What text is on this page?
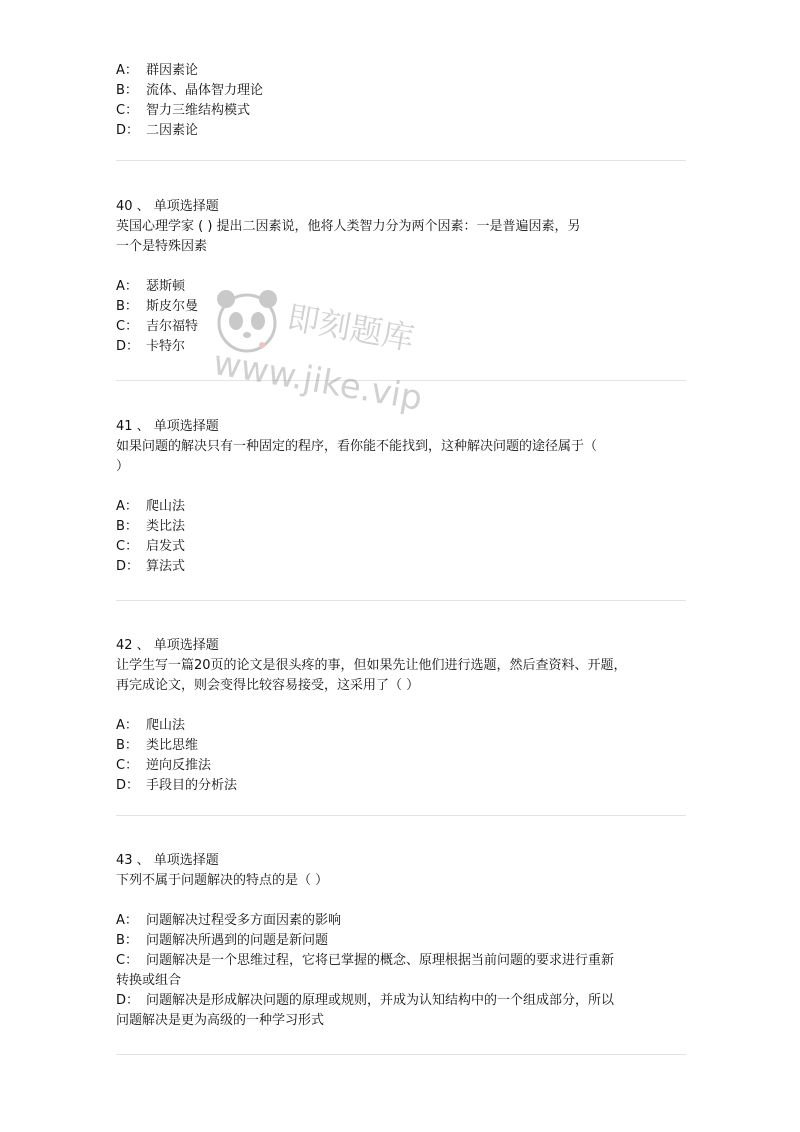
A： 群因素论
B： 流体、晶体智力理论
C： 智力三维结构模式
D： 二因素论
40 、 单项选择题
英国心理学家 ( ) 提出二因素说，他将人类智力分为两个因素：一是普遍因素，另
一个是特殊因素
A： 瑟斯顿
B： 斯皮尔曼
C： 吉尔福特
D： 卡特尔
41 、 单项选择题
如果问题的解决只有一种固定的程序，看你能不能找到，这种解决问题的途径属于（
）
A： 爬山法
B： 类比法
C： 启发式
D： 算法式
42 、 单项选择题
让学生写一篇20页的论文是很头疼的事，但如果先让他们进行选题，然后查资料、开题，
再完成论文，则会变得比较容易接受，这采用了（ ）
A： 爬山法
B： 类比思维
C： 逆向反推法
D： 手段目的分析法
43 、 单项选择题
下列不属于问题解决的特点的是（ ）
A： 问题解决过程受多方面因素的影响
B： 问题解决所遇到的问题是新问题
C： 问题解决是一个思维过程，它将已掌握的概念、原理根据当前问题的要求进行重新
转换或组合
D： 问题解决是形成解决问题的原理或规则，并成为认知结构中的一个组成部分，所以
问题解决是更为高级的一种学习形式
即刻题库
www.jike.vip
